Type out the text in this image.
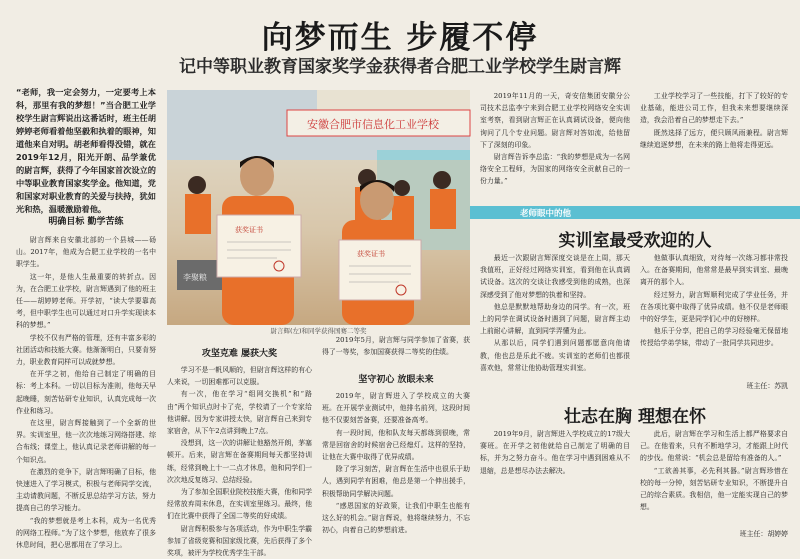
向梦而生 步履不停
记中等职业教育国家奖学金获得者合肥工业学校学生尉言辉
“老师，我一定会努力，一定要考上本科，那里有我的梦想！”当合肥工业学校学生尉言辉说出这番话时，班主任胡婷婷老师看着他坚毅和执着的眼神，知道他来自对明。胡老师看得没错，就在2019年12月，阳光开朗、品学兼优的尉言辉，获得了今年国家首次设立的中等职业教育国家奖学金。他知道，党和国家对职业教育的关爱与扶持，犹如光和热，温暖激励着他。
明确目标 勤学苦练

尉言辉来自安徽北部的一个县城——砀山。2017年，他成为合肥工业学校的一名中职学生。

这一年，是他人生最重要的转折点。因为，在合肥工业学校，尉言辉遇到了他的班主任——胡婷婷老师。开学初，“读大学要靠高考，但中职学生也可以通过对口升学实现读本科的梦想。”

学校不仅有严格的管理，还有丰富多彩的社团活动和技能大赛。他渐渐明白，只要肯努力，职业教育同样可以成就梦想。

在开学之初，他给自己制定了明确的目标：考上本科。一切以目标为准则，他每天早起晚睡，刻苦钻研专业知识，认真完成每一次作业和练习。

在这里，尉言辉接触到了一个全新的世界。实训室里，他一次次地练习网络搭建、综合布线；课堂上，他认真记录老师讲解的每一个知识点。

在激烈的竞争下，尉言辉明确了目标，他快速进入了学习模式，积极与老师同学交流，主动请教问题，不断反思总结学习方法，努力提高自己的学习能力。

“我的梦想就是考上本科，成为一名优秀的网络工程师。”为了这个梦想，他放弃了很多休息时间，把心思都用在了学习上。

安徽合肥市信息化工业学校
李聚粮
获奖证书
获奖证书
尉言辉(左)和同学获得国赛二等奖
攻坚克难 屡获大奖

学习不是一帆风顺的，但尉言辉这样的有心人来说，一切困难都可以克服。

有一次，他在学习“组网交换机”和“路由”两个知识点时卡了壳，学校请了一个专家给他讲解。因为专家讲授太快，尉言辉自己来到专家宿舍，从下午2点讲到晚上7点。

没想到，这一次的讲解让他豁然开朗，茅塞顿开。后来，尉言辉在备赛期间每天都坚持训练，经常到晚上十一二点才休息，他和同学们一次次地反复练习、总结经验。

为了参加全国职业院校技能大赛，他和同学经常放弃周末休息，在实训室里练习。最终，他们在比赛中获得了全国二等奖的好成绩。

尉言辉积极参与各项活动，作为中职生学霸参加了省级竞赛和国家级比赛，先后获得了多个奖项，被评为学校优秀学生干部。

2019年5月，尉言辉与同学参加了省赛，获得了一等奖，参加国赛获得二等奖的佳绩。

坚守初心 放眼未来

2019年，尉言辉进入了学校成立的大赛班。在开展学业测试中，他排名前列，这段时间他不仅要刻苦备赛，还要准备高考。

有一段时间，他和队友每天都练到很晚，常常是回宿舍的时候宿舍已经熄灯。这样的坚持，让他在大赛中取得了优异成绩。

除了学习刻苦，尉言辉在生活中也很乐于助人，遇到同学有困难，他总是第一个伸出援手，积极帮助同学解决问题。

“感恩国家的好政策，让我们中职生也能有这么好的机会。”尉言辉说，他将继续努力，不忘初心，向着自己的梦想前进。

2019年11月的一天，奇安信集团安徽分公司技术总监李宁来到合肥工业学校网络安全实训室考察，看到尉言辉正在认真调试设备，便向他询问了几个专业问题。尉言辉对答如流，给他留下了深刻的印象。

尉言辉告诉李总监：“我的梦想是成为一名网络安全工程师，为国家的网络安全贡献自己的一份力量。”

工业学校学习了一些技能，打下了较好的专业基础，能进公司工作，但我未来想要继续深造，我会沿着自己的梦想走下去。”

既然选择了远方，便只顾风雨兼程。尉言辉继续追逐梦想，在未来的路上他将走得更远。

老师眼中的他
实训室最受欢迎的人

最近一次跟尉言辉深度交谈是在上周，那天我值班，正好经过网络实训室，看到他在认真调试设备。这次的交谈让我感受到他的成熟，也深深感受到了他对梦想的执着和坚持。

他总是默默地帮助身边的同学。有一次，班上的同学在调试设备时遇到了问题，尉言辉主动上前耐心讲解，直到同学弄懂为止。

从那以后，同学们遇到问题都愿意向他请教，他也总是乐此不疲。实训室的老师们也都很喜欢他，常常让他协助管理实训室。

他做事认真细致，对待每一次练习都非常投入。在备赛期间，他常常是最早到实训室、最晚离开的那个人。

经过努力，尉言辉顺利完成了学业任务，并在各项比赛中取得了优异成绩。他不仅是老师眼中的好学生，更是同学们心中的好榜样。

他乐于分享，把自己的学习经验毫无保留地传授给学弟学妹，带动了一批同学共同进步。

班主任：苏凯
壮志在胸 理想在怀

2019年9月，尉言辉进入学校成立的17级大赛班。在开学之初他就给自己制定了明确的目标，并为之努力奋斗。他在学习中遇到困难从不退缩，总是想尽办法去解决。

此后，尉言辉在学习和生活上都严格要求自己。在他看来，只有不断地学习，才能跟上时代的步伐。他常说：“机会总是留给有准备的人。”

“工欲善其事，必先利其器。”尉言辉珍惜在校的每一分钟，刻苦钻研专业知识，不断提升自己的综合素质。我相信，他一定能实现自己的梦想。

班主任：胡婷婷
